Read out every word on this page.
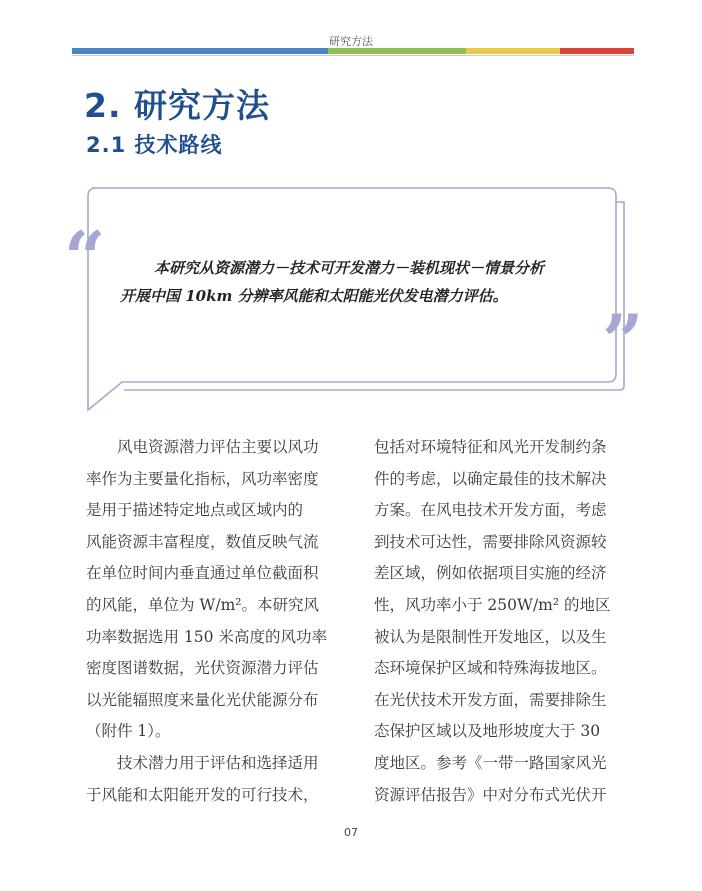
研究方法
2. 研究方法
2.1 技术路线
“
”

本研究从资源潜力－技术可开发潜力－装机现状－情景分析
开展中国 10km 分辨率风能和太阳能光伏发电潜力评估。

风电资源潜力评估主要以风功
率作为主要量化指标，风功率密度
是用于描述特定地点或区域内的
风能资源丰富程度，数值反映气流
在单位时间内垂直通过单位截面积
的风能，单位为 W/m²。本研究风
功率数据选用 150 米高度的风功率
密度图谱数据，光伏资源潜力评估
以光能辐照度来量化光伏能源分布
（附件 1）。
技术潜力用于评估和选择适用
于风能和太阳能开发的可行技术，
包括对环境特征和风光开发制约条
件的考虑，以确定最佳的技术解决
方案。在风电技术开发方面，考虑
到技术可达性，需要排除风资源较
差区域，例如依据项目实施的经济
性，风功率小于 250W/m² 的地区
被认为是限制性开发地区，以及生
态环境保护区域和特殊海拔地区。
在光伏技术开发方面，需要排除生
态保护区域以及地形坡度大于 30
度地区。参考《一带一路国家风光
资源评估报告》中对分布式光伏开
07
